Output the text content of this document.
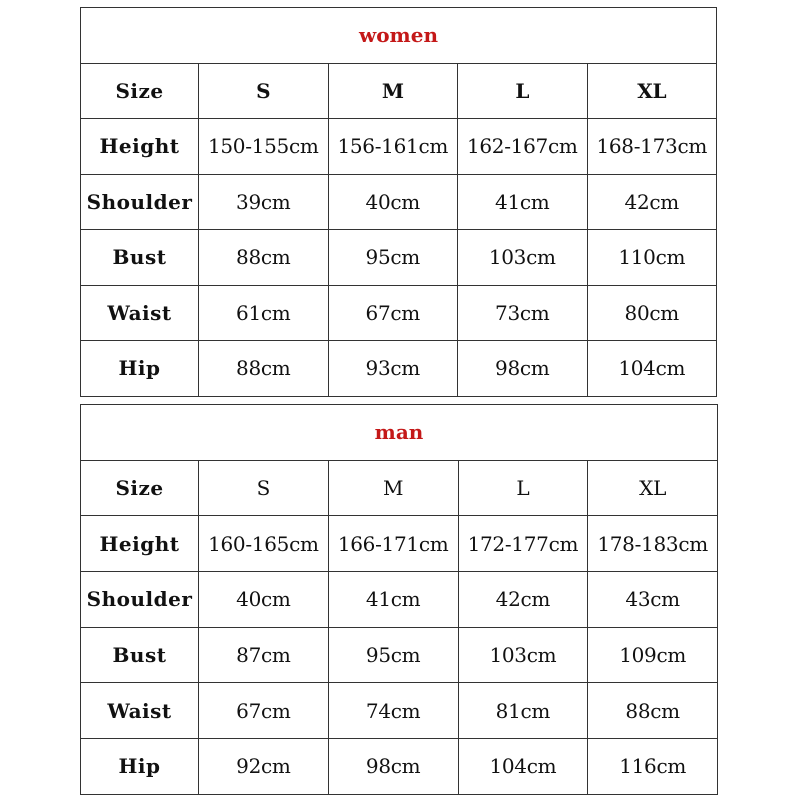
women				
Size	S	M	L	XL
Height	150-155cm	156-161cm	162-167cm	168-173cm
Shoulder	39cm	40cm	41cm	42cm
Bust	88cm	95cm	103cm	110cm
Waist	61cm	67cm	73cm	80cm
Hip	88cm	93cm	98cm	104cm
man				
Size	S	M	L	XL
Height	160-165cm	166-171cm	172-177cm	178-183cm
Shoulder	40cm	41cm	42cm	43cm
Bust	87cm	95cm	103cm	109cm
Waist	67cm	74cm	81cm	88cm
Hip	92cm	98cm	104cm	116cm
